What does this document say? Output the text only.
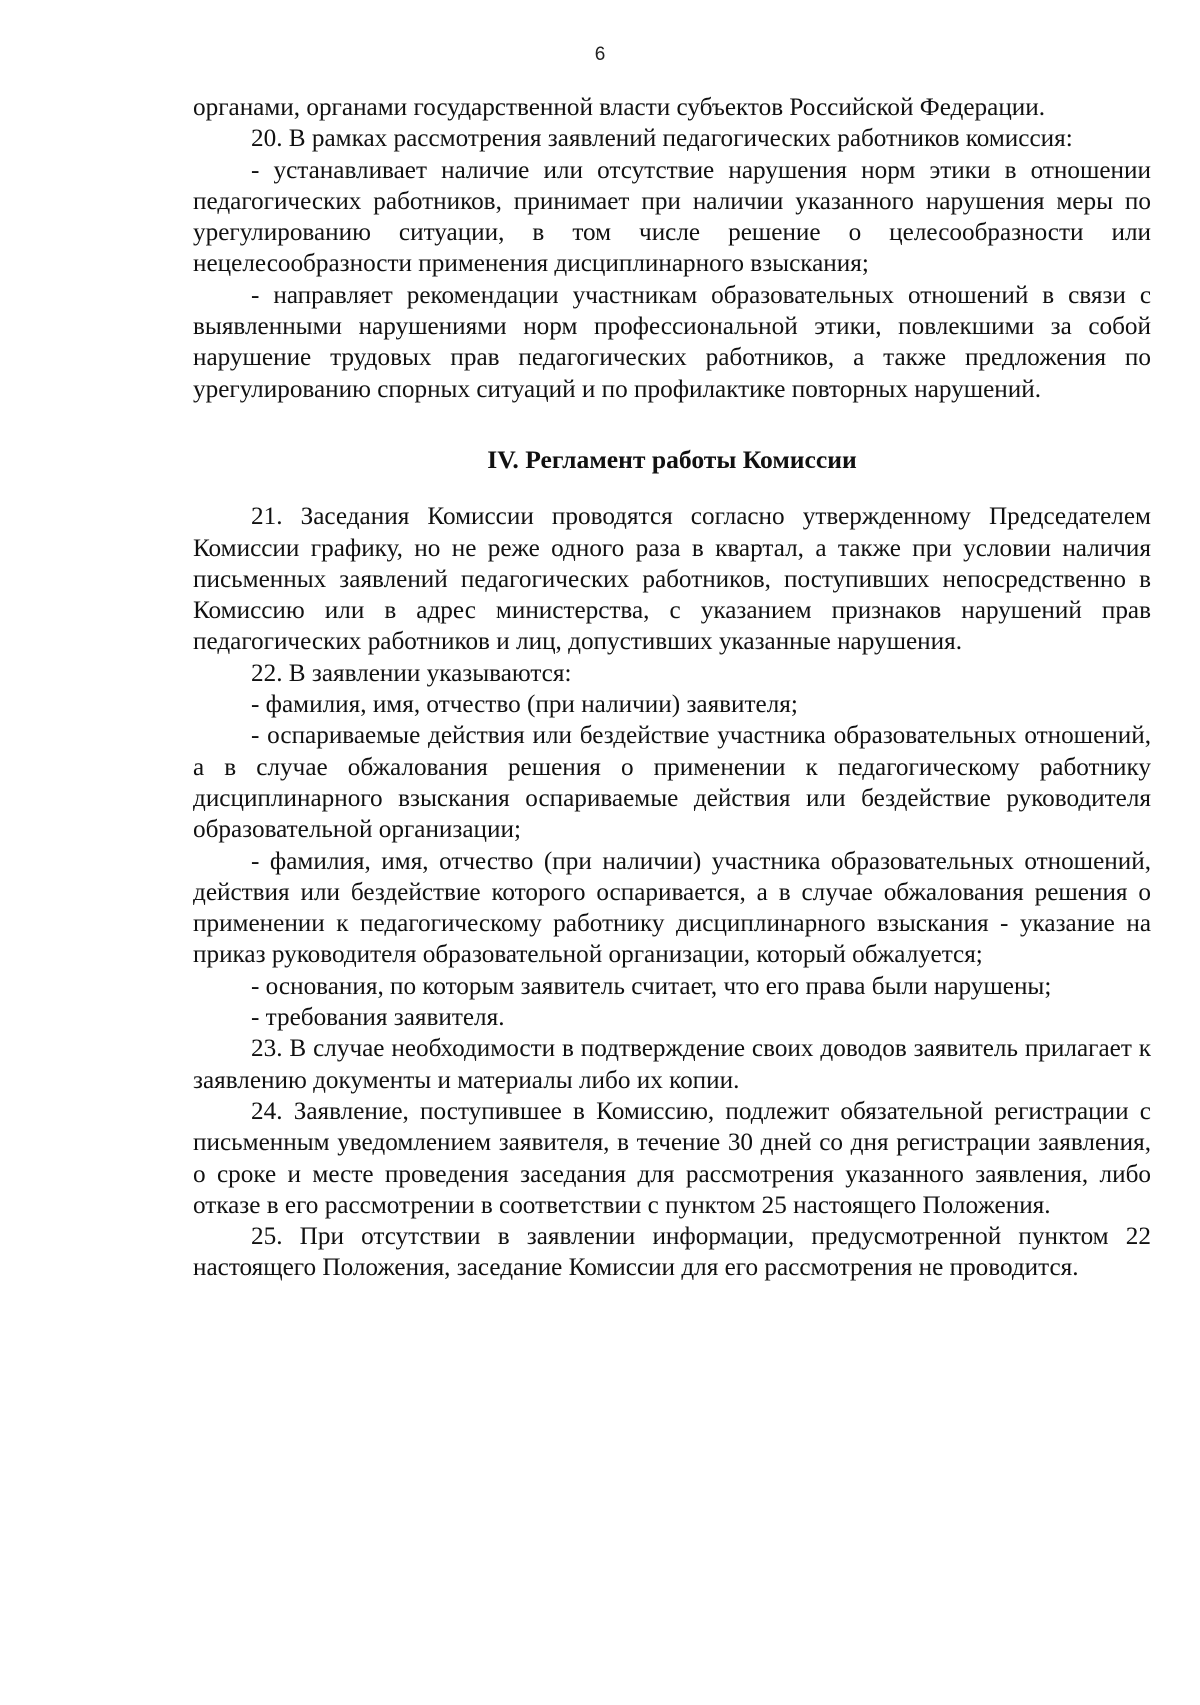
6

органами, органами государственной власти субъектов Российской Федерации.

20. В рамках рассмотрения заявлений педагогических работников комиссия:

- устанавливает наличие или отсутствие нарушения норм этики в отношении педагогических работников, принимает при наличии указанного нарушения меры по урегулированию ситуации, в том числе решение о целесообразности или нецелесообразности применения дисциплинарного взыскания;

- направляет рекомендации участникам образовательных отношений в связи с выявленными нарушениями норм профессиональной этики, повлекшими за собой нарушение трудовых прав педагогических работников, а также предложения по урегулированию спорных ситуаций и по профилактике повторных нарушений.

IV. Регламент работы Комиссии

21. Заседания Комиссии проводятся согласно утвержденному Председателем Комиссии графику, но не реже одного раза в квартал, а также при условии наличия письменных заявлений педагогических работников, поступивших непосредственно в Комиссию или в адрес министерства, с указанием признаков нарушений прав педагогических работников и лиц, допустивших указанные нарушения.

22. В заявлении указываются:

- фамилия, имя, отчество (при наличии) заявителя;

- оспариваемые действия или бездействие участника образовательных отношений, а в случае обжалования решения о применении к педагогическому работнику дисциплинарного взыскания оспариваемые действия или бездействие руководителя образовательной организации;

- фамилия, имя, отчество (при наличии) участника образовательных отношений, действия или бездействие которого оспаривается, а в случае обжалования решения о применении к педагогическому работнику дисциплинарного взыскания - указание на приказ руководителя образовательной организации, который обжалуется;

- основания, по которым заявитель считает, что его права были нарушены;

- требования заявителя.

23. В случае необходимости в подтверждение своих доводов заявитель прилагает к заявлению документы и материалы либо их копии.

24. Заявление, поступившее в Комиссию, подлежит обязательной регистрации с письменным уведомлением заявителя, в течение 30 дней со дня регистрации заявления, о сроке и месте проведения заседания для рассмотрения указанного заявления, либо отказе в его рассмотрении в соответствии с пунктом 25 настоящего Положения.

25. При отсутствии в заявлении информации, предусмотренной пунктом 22 настоящего Положения, заседание Комиссии для его рассмотрения не проводится.
